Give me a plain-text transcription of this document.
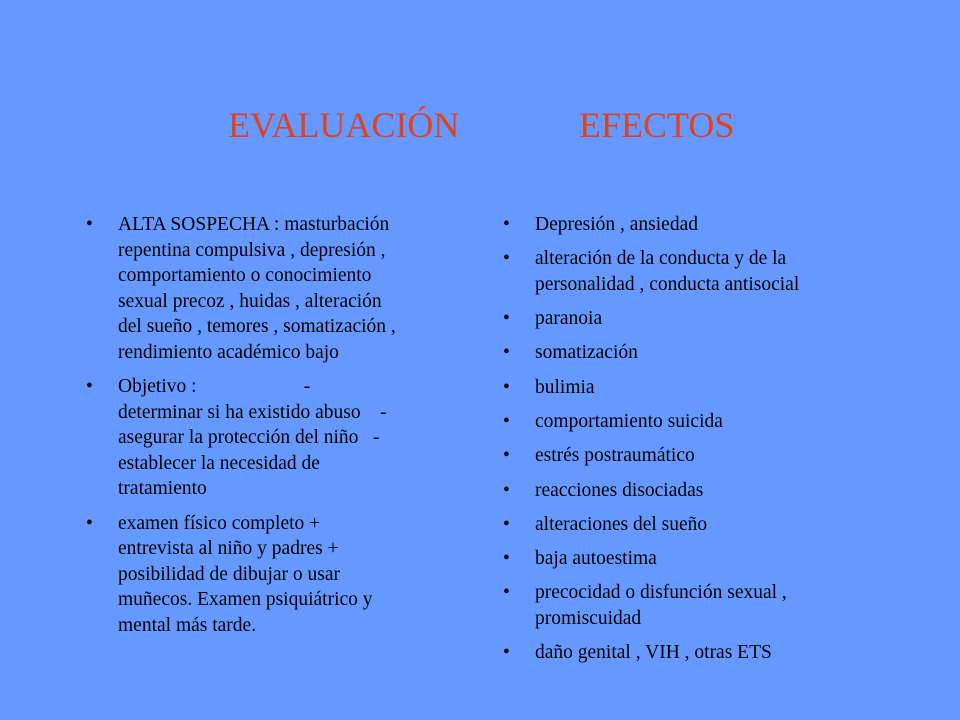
EVALUACIÓN	EFECTOS
• ALTA SOSPECHA : masturbación
repentina compulsiva , depresión ,
comportamiento o conocimiento
sexual precoz , huidas , alteración
del sueño , temores , somatización ,
rendimiento académico bajo
• Objetivo :                      -
determinar si ha existido abuso    -
asegurar la protección del niño   -
establecer la necesidad de
tratamiento
• examen físico completo +
entrevista al niño y padres +
posibilidad de dibujar o usar
muñecos. Examen psiquiátrico y
mental más tarde.
• Depresión , ansiedad
• alteración de la conducta y de la
personalidad , conducta antisocial
• paranoia
• somatización
• bulimia
• comportamiento suicida
• estrés postraumático
• reacciones disociadas
• alteraciones del sueño
• baja autoestima
• precocidad o disfunción sexual ,
promiscuidad
• daño genital , VIH , otras ETS
